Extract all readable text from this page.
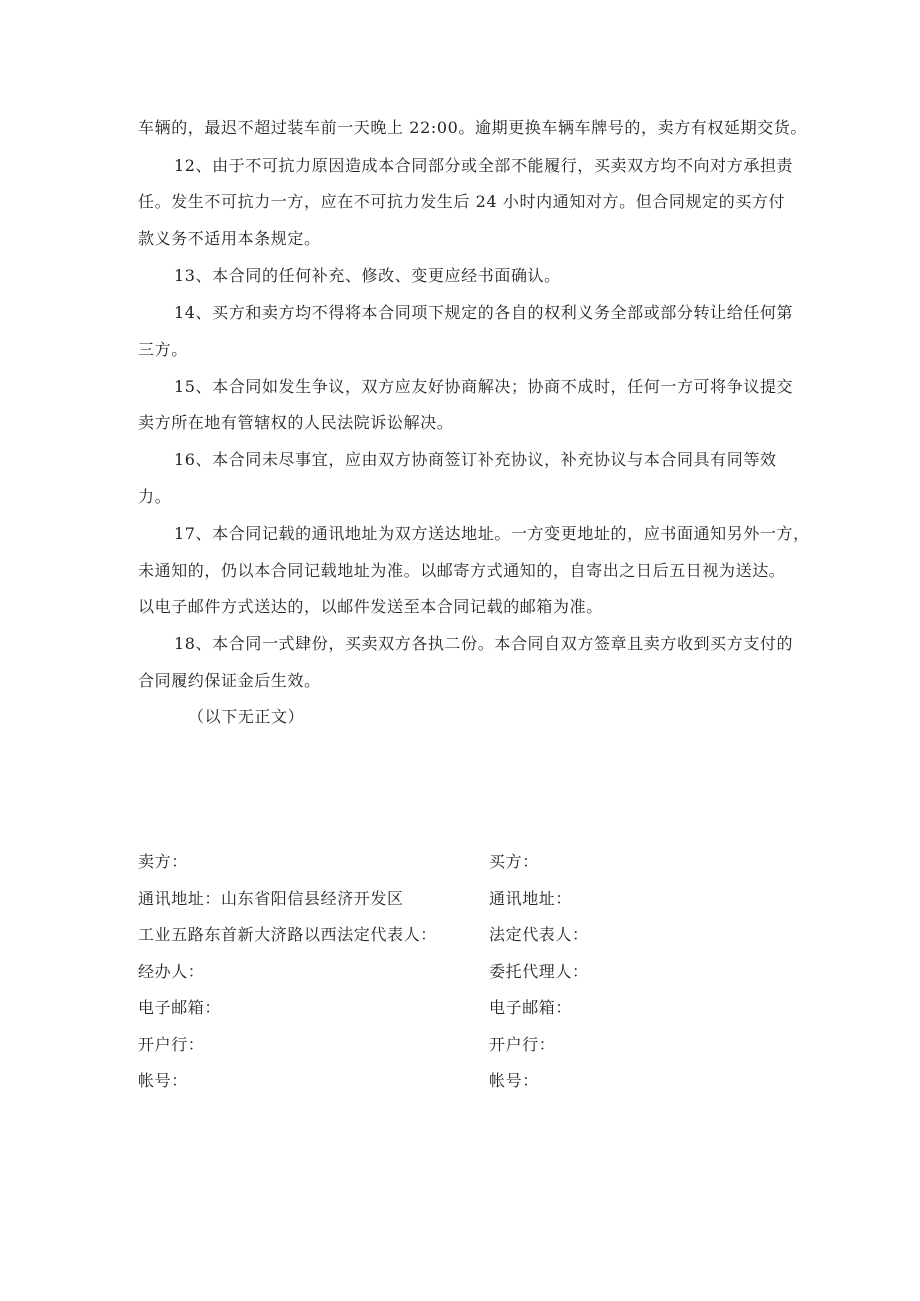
车辆的，最迟不超过装车前一天晚上 22:00。逾期更换车辆车牌号的，卖方有权延期交货。
12、由于不可抗力原因造成本合同部分或全部不能履行，买卖双方均不向对方承担责
任。发生不可抗力一方，应在不可抗力发生后 24 小时内通知对方。但合同规定的买方付
款义务不适用本条规定。
13、本合同的任何补充、修改、变更应经书面确认。
14、买方和卖方均不得将本合同项下规定的各自的权利义务全部或部分转让给任何第
三方。
15、本合同如发生争议，双方应友好协商解决；协商不成时，任何一方可将争议提交
卖方所在地有管辖权的人民法院诉讼解决。
16、本合同未尽事宜，应由双方协商签订补充协议，补充协议与本合同具有同等效
力。
17、本合同记载的通讯地址为双方送达地址。一方变更地址的，应书面通知另外一方，
未通知的，仍以本合同记载地址为准。以邮寄方式通知的，自寄出之日后五日视为送达。
以电子邮件方式送达的，以邮件发送至本合同记载的邮箱为准。
18、本合同一式肆份，买卖双方各执二份。本合同自双方签章且卖方收到买方支付的
合同履约保证金后生效。
（以下无正文）
卖方：
通讯地址：山东省阳信县经济开发区
工业五路东首新大济路以西法定代表人：
经办人：
电子邮箱：
开户行：
帐号：
买方：
通讯地址：
法定代表人：
委托代理人：
电子邮箱：
开户行：
帐号：
